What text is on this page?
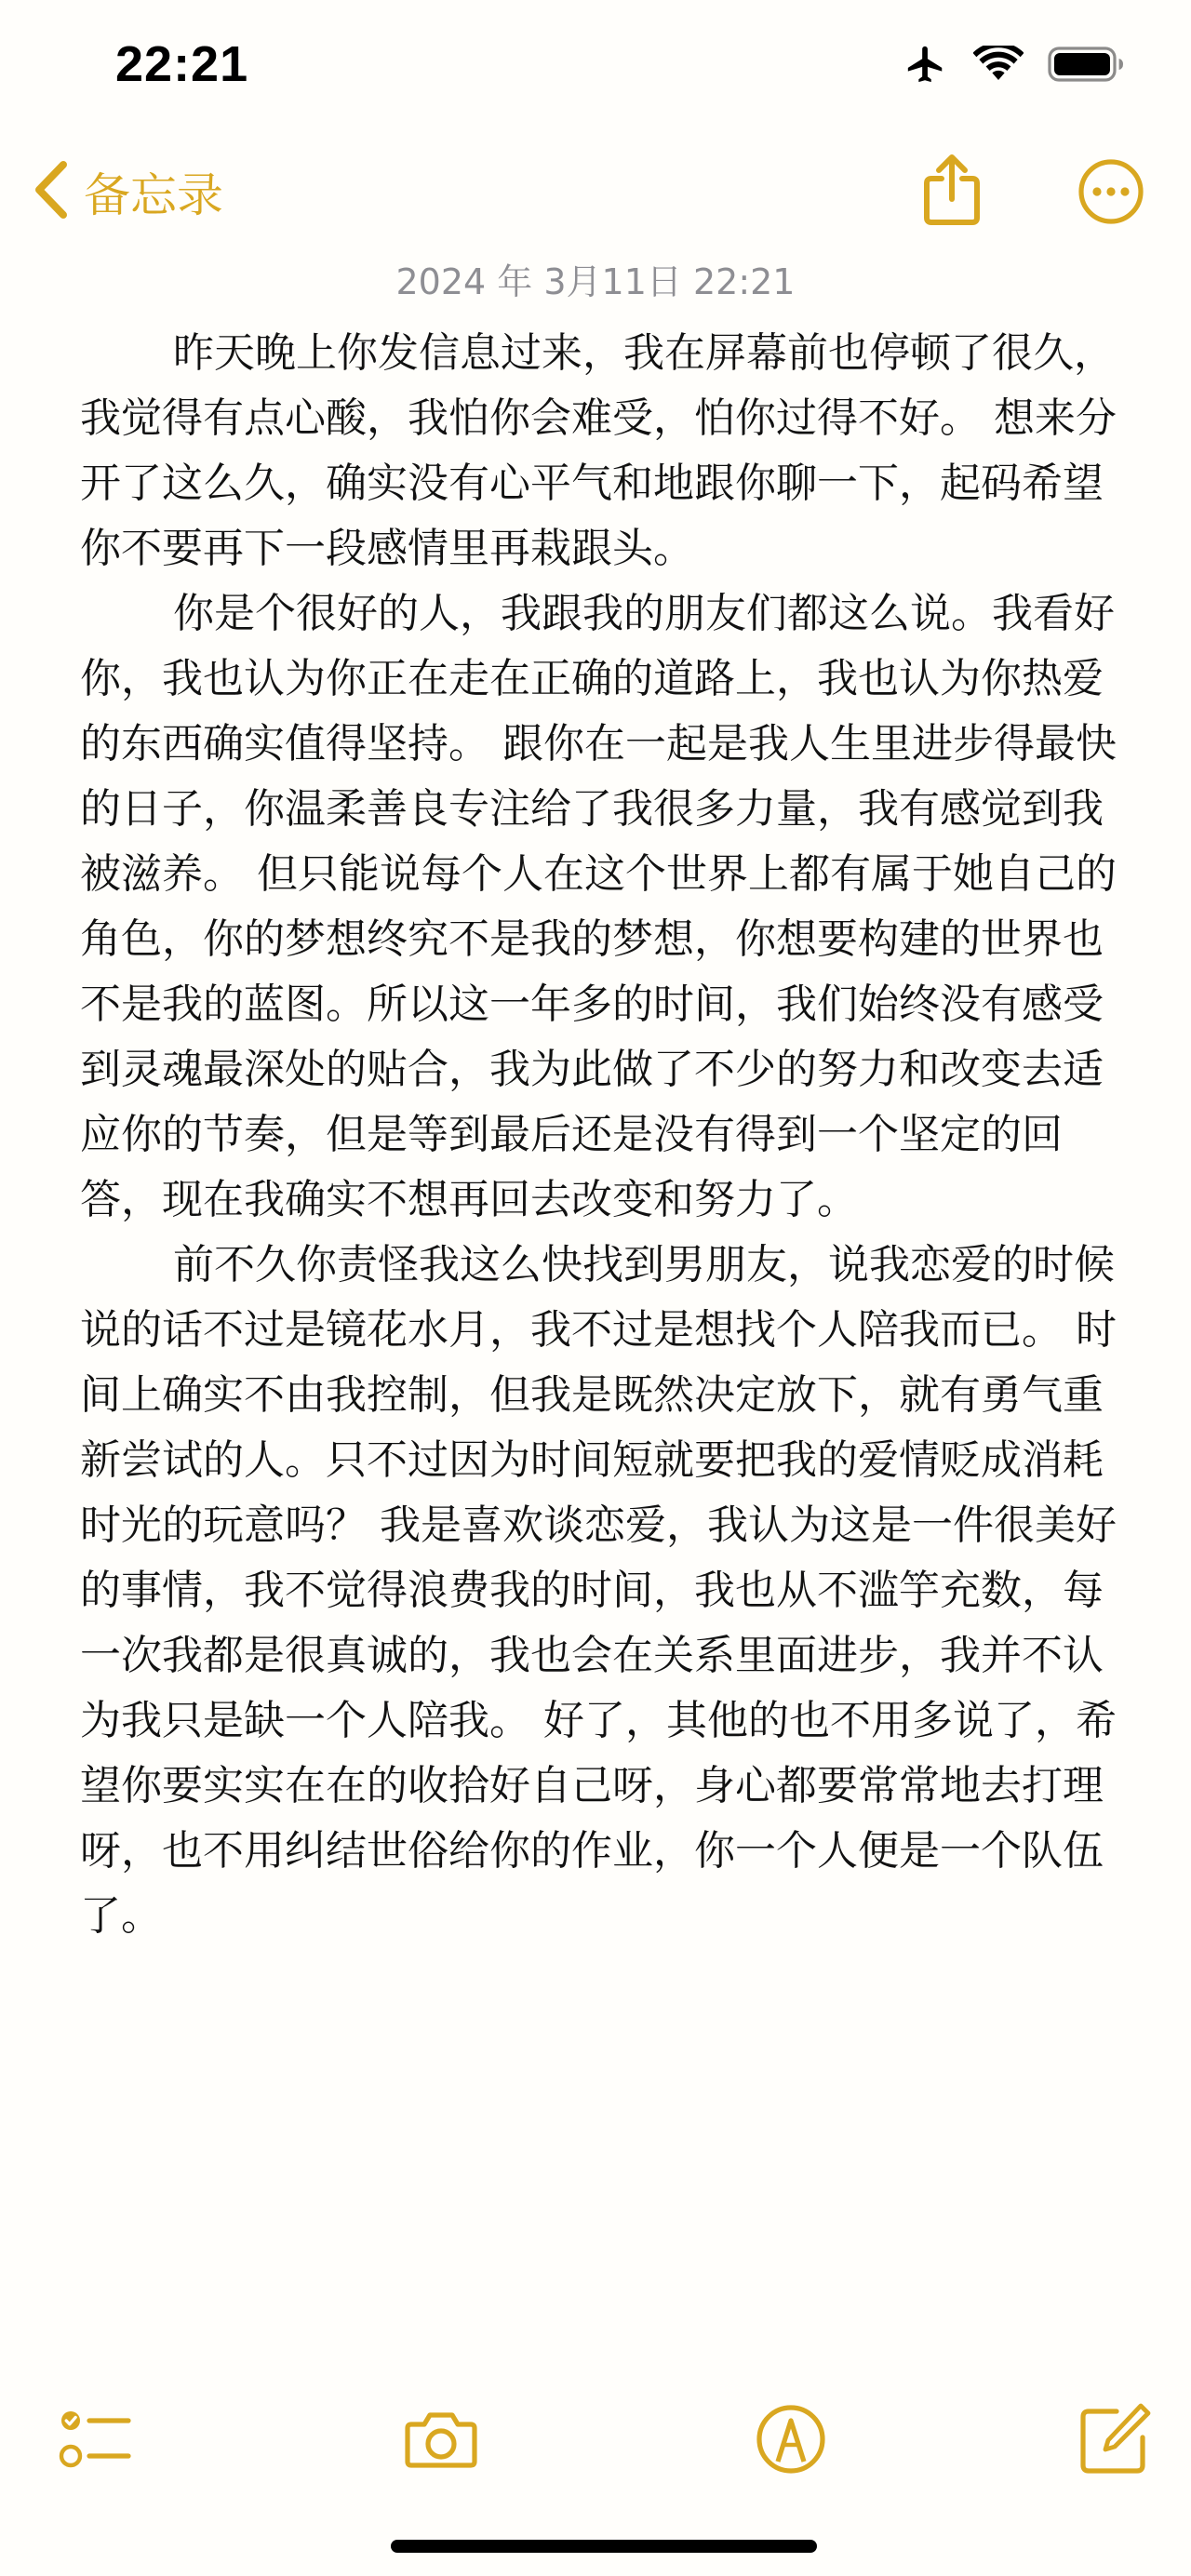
22:21
备忘录
2024 年 3月11日 22:21

昨天晚上你发信息过来，我在屏幕前也停顿了很久，我觉得有点心酸，我怕你会难受，怕你过得不好。 想来分开了这么久，确实没有心平气和地跟你聊一下，起码希望你不要再下一段感情里再栽跟头。

你是个很好的人，我跟我的朋友们都这么说。我看好你，我也认为你正在走在正确的道路上，我也认为你热爱的东西确实值得坚持。 跟你在一起是我人生里进步得最快的日子，你温柔善良专注给了我很多力量，我有感觉到我被滋养。 但只能说每个人在这个世界上都有属于她自己的角色，你的梦想终究不是我的梦想，你想要构建的世界也不是我的蓝图。所以这一年多的时间，我们始终没有感受到灵魂最深处的贴合，我为此做了不少的努力和改变去适应你的节奏，但是等到最后还是没有得到一个坚定的回答，现在我确实不想再回去改变和努力了。

前不久你责怪我这么快找到男朋友，说我恋爱的时候说的话不过是镜花水月，我不过是想找个人陪我而已。 时间上确实不由我控制，但我是既然决定放下，就有勇气重新尝试的人。只不过因为时间短就要把我的爱情贬成消耗时光的玩意吗？ 我是喜欢谈恋爱，我认为这是一件很美好的事情，我不觉得浪费我的时间，我也从不滥竽充数，每一次我都是很真诚的，我也会在关系里面进步，我并不认为我只是缺一个人陪我。 好了，其他的也不用多说了，希望你要实实在在的收拾好自己呀，身心都要常常地去打理呀，也不用纠结世俗给你的作业，你一个人便是一个队伍了。
